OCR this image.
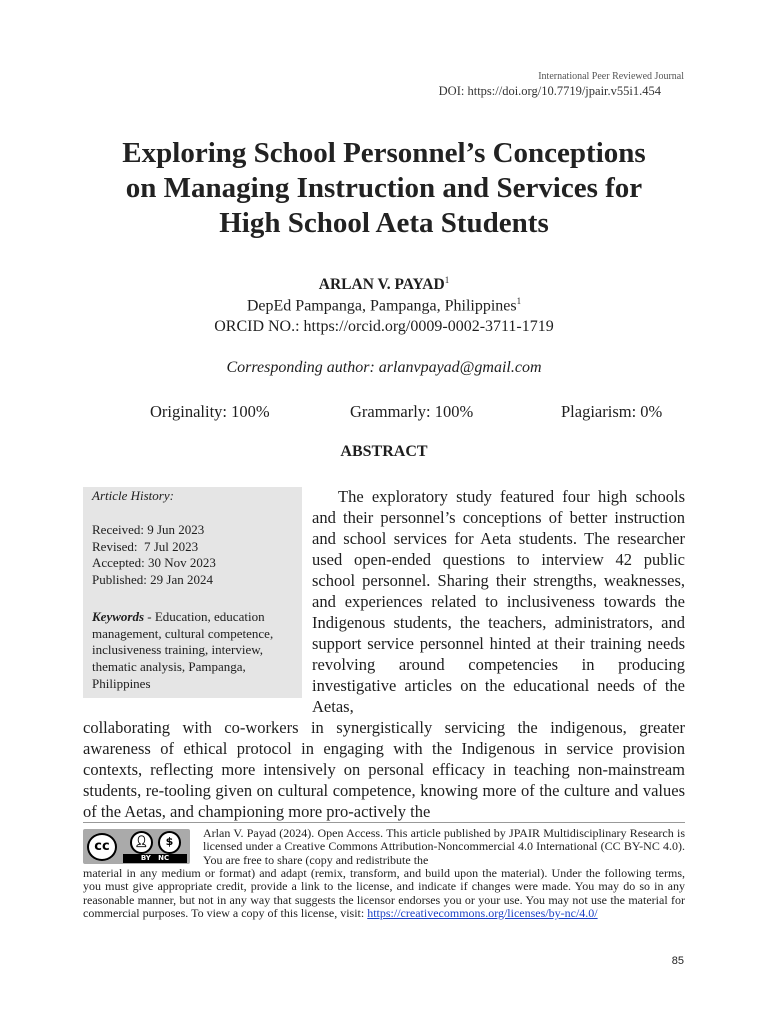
International Peer Reviewed Journal
DOI: https://doi.org/10.7719/jpair.v55i1.454
Exploring School Personnel’s Conceptions
on Managing Instruction and Services for
High School Aeta Students
ARLAN V. PAYAD$^1$
DepEd Pampanga, Pampanga, Philippines$^1$
ORCID NO.: https://orcid.org/0009-0002-3711-1719
Corresponding author: arlanvpayad@gmail.com
Originality: 100%	Grammarly: 100%	Plagiarism: 0%
ABSTRACT
Article History:
Received: 9 Jun 2023
Revised:  7 Jul 2023
Accepted: 30 Nov 2023
Published: 29 Jan 2024
Keywords - Education, education management, cultural competence, inclusiveness training, interview, thematic analysis, Pampanga, Philippines
The exploratory study featured four high schools and their personnel’s conceptions of better instruction and school services for Aeta students. The researcher used open-ended questions to interview 42 public school personnel. Sharing their strengths, weaknesses, and experiences related to inclusiveness towards the Indigenous students, the teachers, administrators, and support service personnel hinted at their training needs revolving around competencies in producing investigative articles on the educational needs of the Aetas,
collaborating with co-workers in synergistically servicing the indigenous, greater awareness of ethical protocol in engaging with the Indigenous in service provision contexts, reflecting more intensively on personal efficacy in teaching non-mainstream students, re-tooling given on cultural competence, knowing more of the culture and values of the Aetas, and championing more pro-actively the
cc	👤︎	$
BY NC
Arlan V. Payad (2024). Open Access. This article published by JPAIR Multidisciplinary Research is licensed under a Creative Commons Attribution-Noncommercial 4.0 International (CC BY-NC 4.0). You are free to share (copy and redistribute the
material in any medium or format) and adapt (remix, transform, and build upon the material). Under the following terms, you must give appropriate credit, provide a link to the license, and indicate if changes were made. You may do so in any reasonable manner, but not in any way that suggests the licensor endorses you or your use. You may not use the material for commercial purposes. To view a copy of this license, visit: https://creativecommons.org/licenses/by-nc/4.0/
85
